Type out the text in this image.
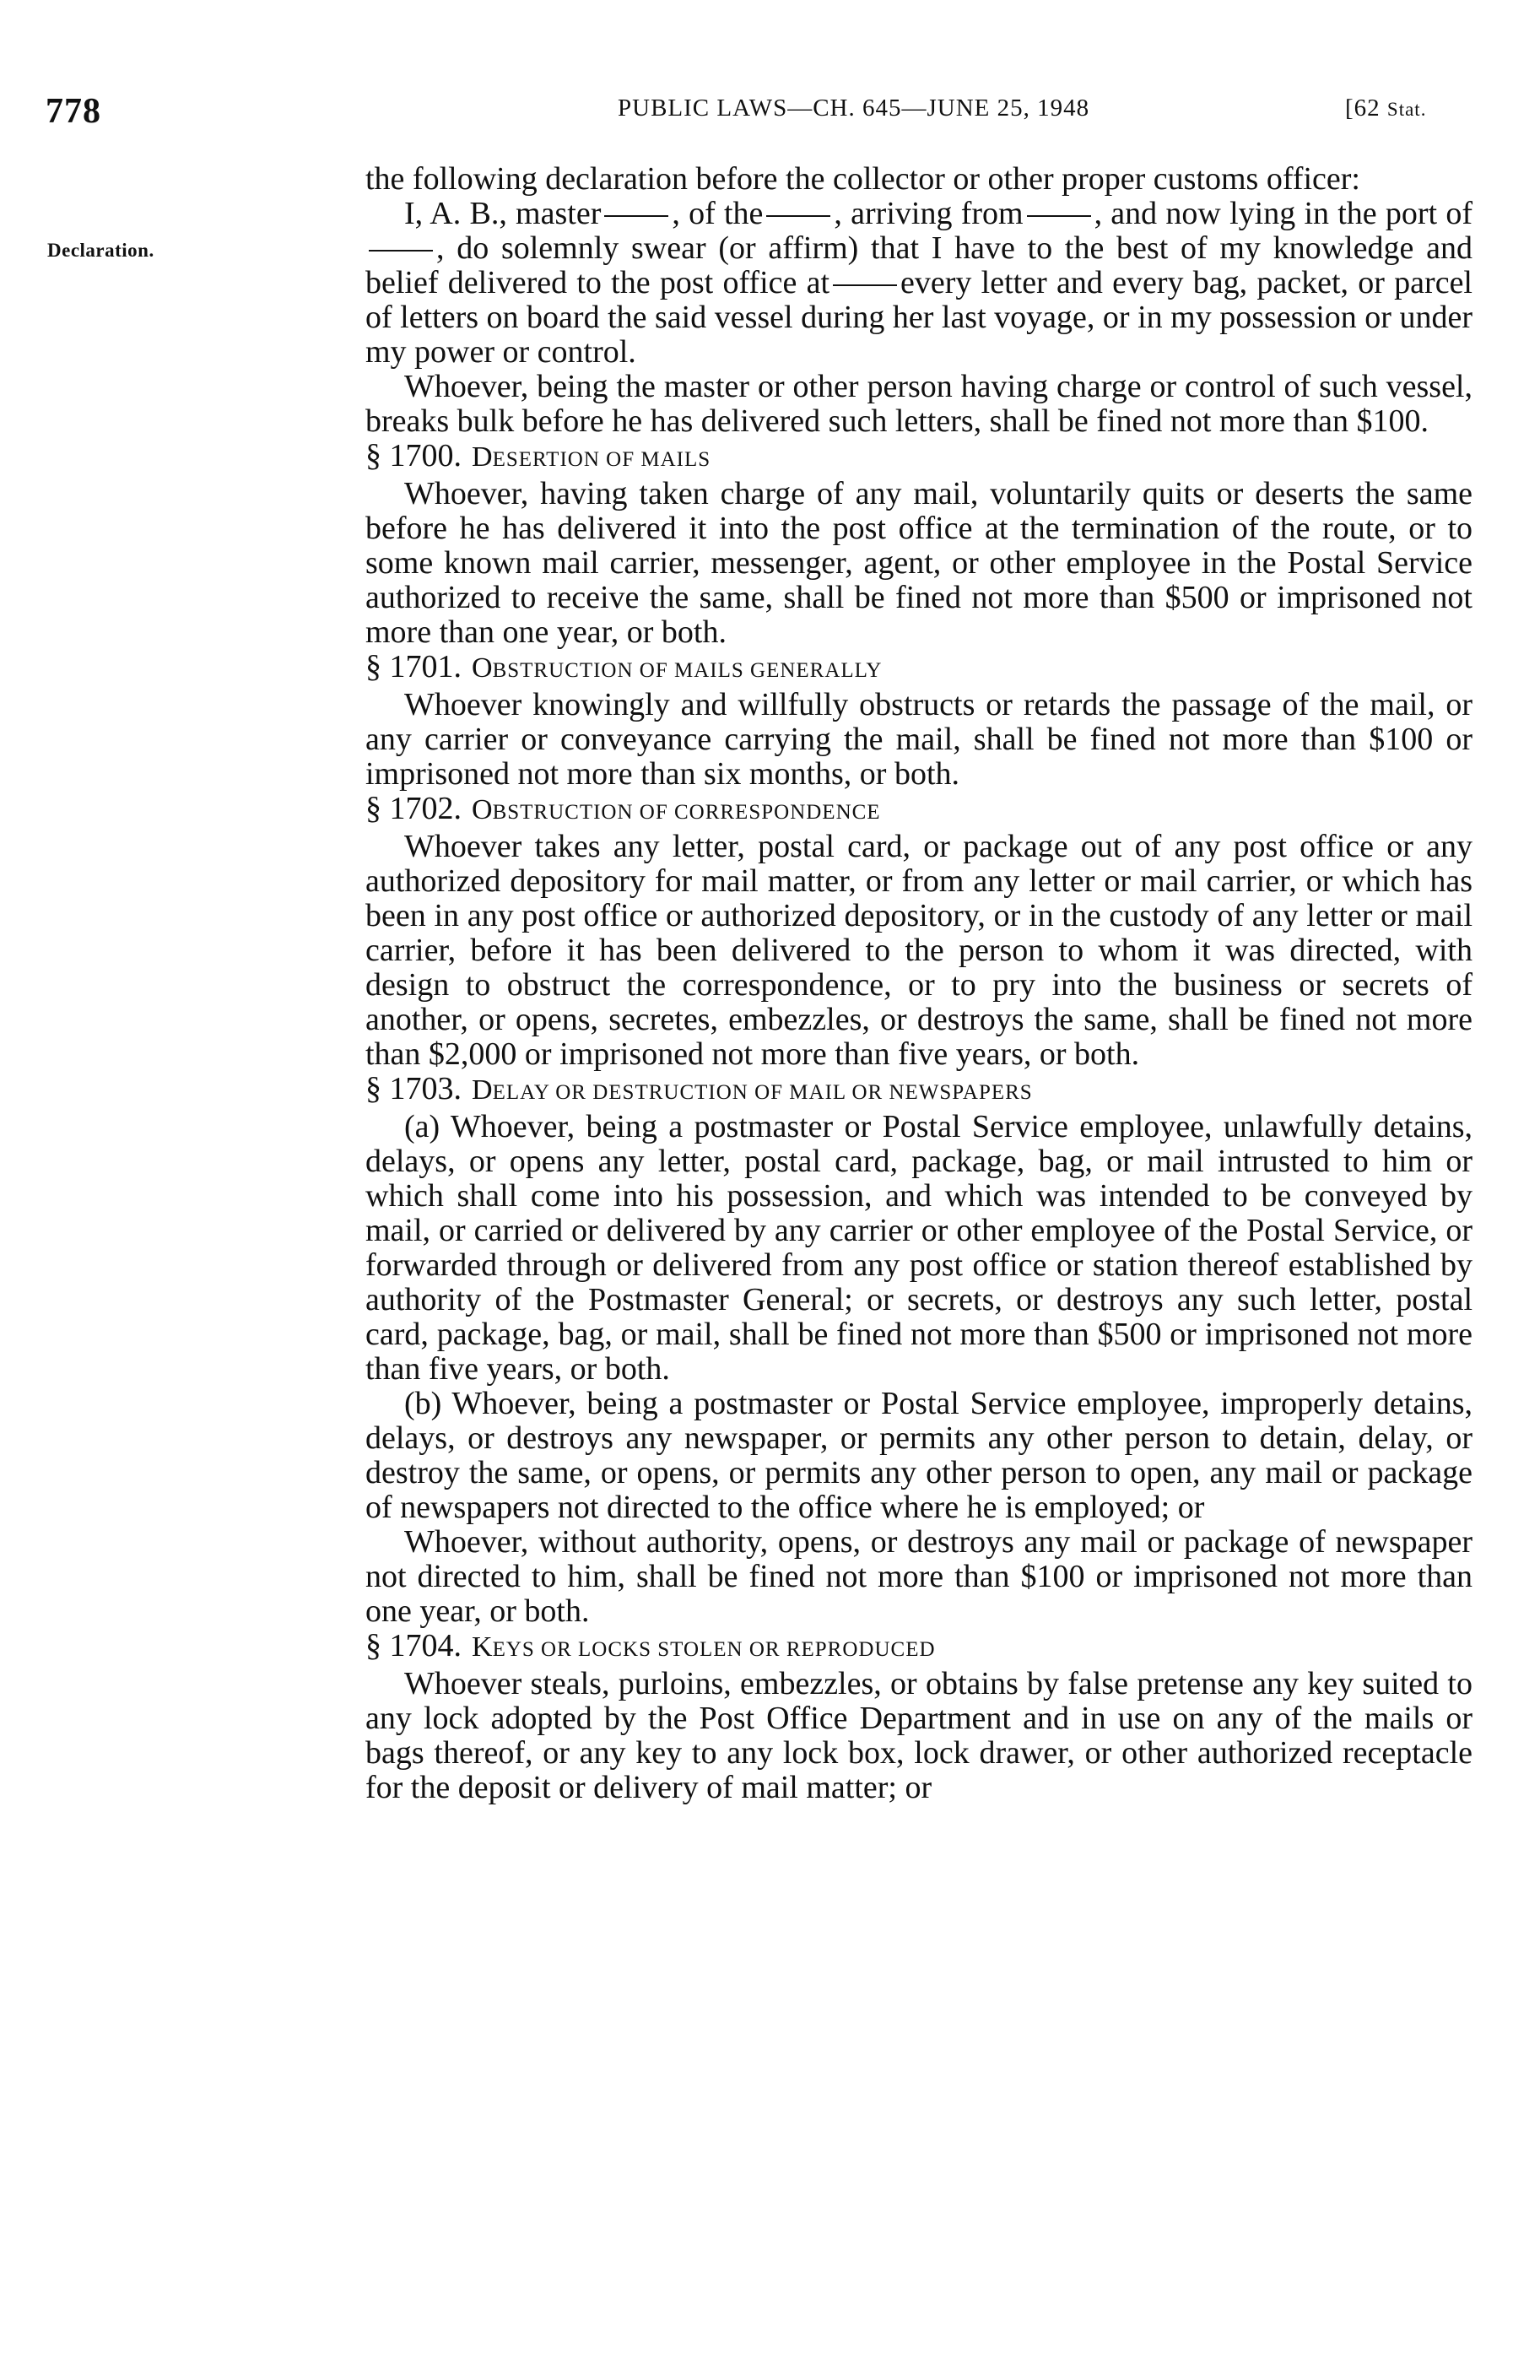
778	PUBLIC LAWS—CH. 645—JUNE 25, 1948	[62 Stat.
Declaration.

the following declaration before the collector or other proper customs officer:

I, A. B., master , of the , arriving from , and now lying in the port of, do solemnly swear (or affirm) that I have to the best of my knowledge and belief delivered to the post office at every letter and every bag, packet, or parcel of letters on board the said vessel during her last voyage, or in my possession or under my power or control.

Whoever, being the master or other person having charge or control of such vessel, breaks bulk before he has delivered such letters, shall be fined not more than $100.

§ 1700. DESERTION OF MAILS

Whoever, having taken charge of any mail, voluntarily quits or deserts the same before he has delivered it into the post office at the termination of the route, or to some known mail carrier, messenger, agent, or other employee in the Postal Service authorized to receive the same, shall be fined not more than $500 or imprisoned not more than one year, or both.

§ 1701. OBSTRUCTION OF MAILS GENERALLY

Whoever knowingly and willfully obstructs or retards the passage of the mail, or any carrier or conveyance carrying the mail, shall be fined not more than $100 or imprisoned not more than six months, or both.

§ 1702. OBSTRUCTION OF CORRESPONDENCE

Whoever takes any letter, postal card, or package out of any post office or any authorized depository for mail matter, or from any letter or mail carrier, or which has been in any post office or authorized depository, or in the custody of any letter or mail carrier, before it has been delivered to the person to whom it was directed, with design to obstruct the correspondence, or to pry into the business or secrets of another, or opens, secretes, embezzles, or destroys the same, shall be fined not more than $2,000 or imprisoned not more than five years, or both.

§ 1703. DELAY OR DESTRUCTION OF MAIL OR NEWSPAPERS

(a) Whoever, being a postmaster or Postal Service employee, unlawfully detains, delays, or opens any letter, postal card, package, bag, or mail intrusted to him or which shall come into his possession, and which was intended to be conveyed by mail, or carried or delivered by any carrier or other employee of the Postal Service, or forwarded through or delivered from any post office or station thereof established by authority of the Postmaster General; or secrets, or destroys any such letter, postal card, package, bag, or mail, shall be fined not more than $500 or imprisoned not more than five years, or both.

(b) Whoever, being a postmaster or Postal Service employee, improperly detains, delays, or destroys any newspaper, or permits any other person to detain, delay, or destroy the same, or opens, or permits any other person to open, any mail or package of newspapers not directed to the office where he is employed; or

Whoever, without authority, opens, or destroys any mail or package of newspaper not directed to him, shall be fined not more than $100 or imprisoned not more than one year, or both.

§ 1704. KEYS OR LOCKS STOLEN OR REPRODUCED

Whoever steals, purloins, embezzles, or obtains by false pretense any key suited to any lock adopted by the Post Office Department and in use on any of the mails or bags thereof, or any key to any lock box, lock drawer, or other authorized receptacle for the deposit or delivery of mail matter; or
